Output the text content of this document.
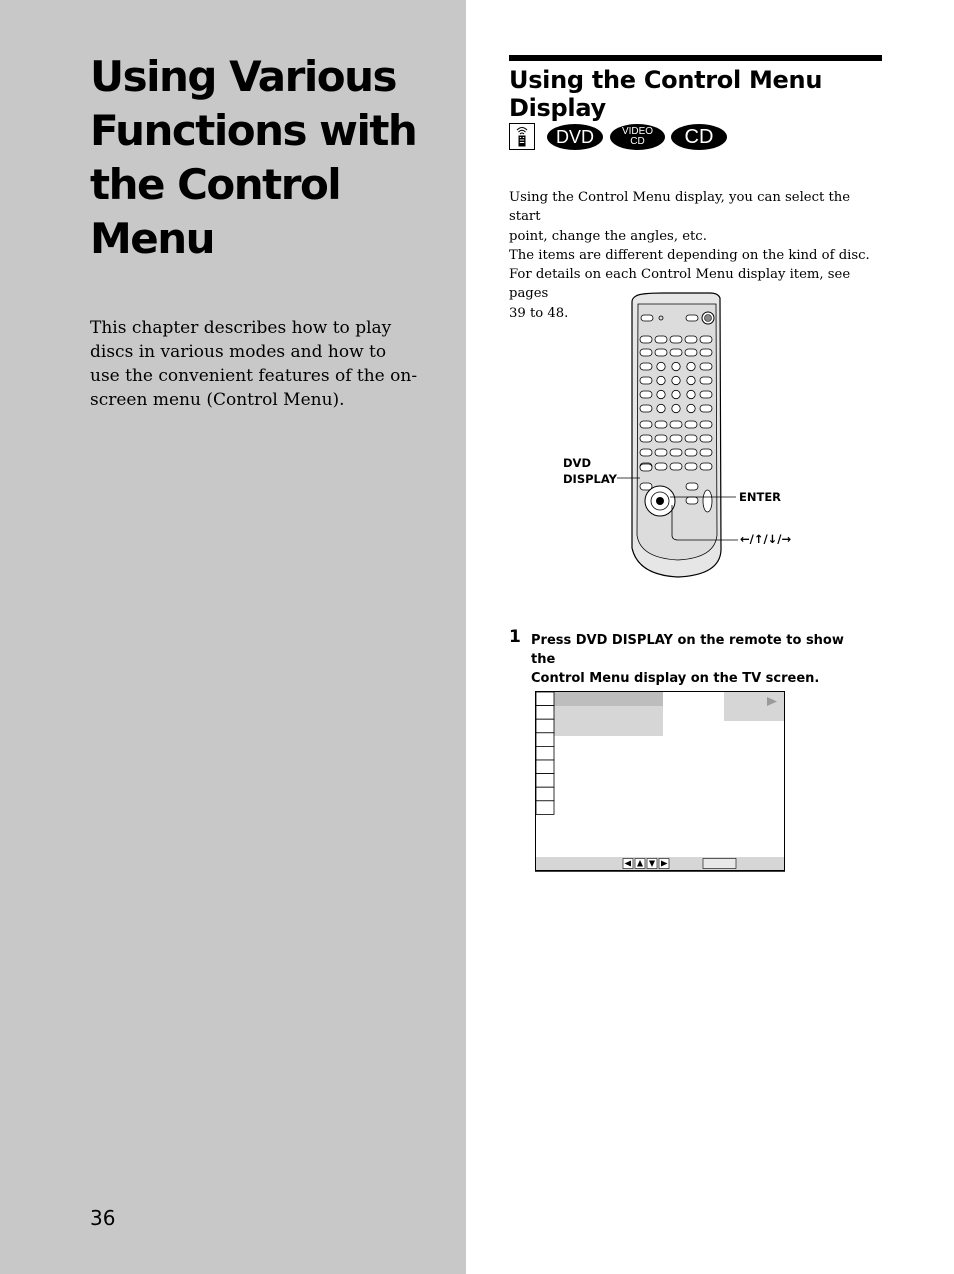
Using Various
Functions with
the Control
Menu
This chapter describes how to play
discs in various modes and how to
use the convenient features of the on-
screen menu (Control Menu).
36
Using the Control Menu
Display
DVD	VIDEO
CD	CD
Using the Control Menu display, you can select the start
point, change the angles, etc.
The items are different depending on the kind of disc.
For details on each Control Menu display item, see pages
39 to 48.
DVD
DISPLAY
ENTER
←/↑/↓/→
1 Press DVD DISPLAY on the remote to show the
Control Menu display on the TV screen.
